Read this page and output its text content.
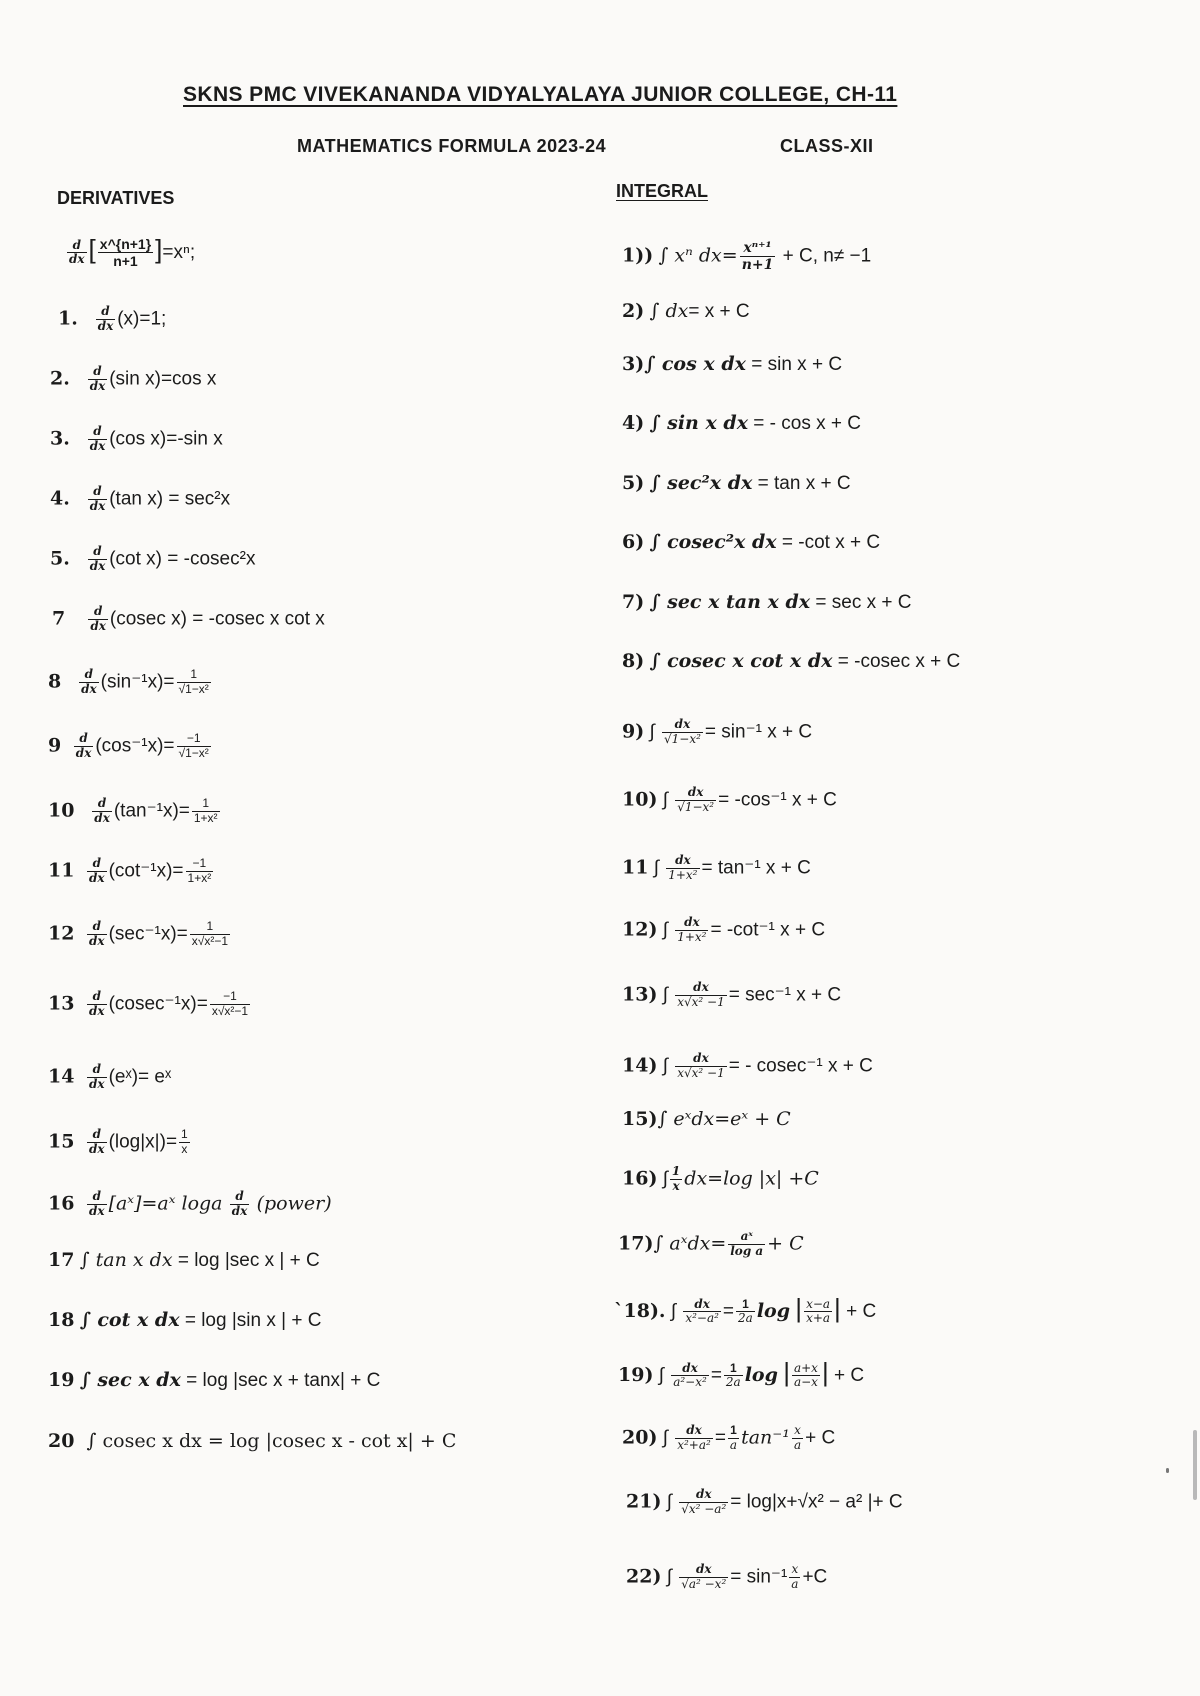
SKNS PMC VIVEKANANDA VIDYALYALAYA JUNIOR COLLEGE, CH-11
MATHEMATICS FORMULA 2023-24	CLASS-XII
DERIVATIVES	INTEGRAL
$\frac{d}{dx}$ [ $\frac{x\^{}\{n+1\}}{n+1} ]=x^n$;
1. $\frac{d}{dx} (x)=1$;
2. $\frac{d}{dx} (\sin$ x)=cos x
3. $\frac{d}{dx} (\cos$ x)=-sin x
4. $\frac{d}{dx} (\tan$ x) = sec²x
5. $\frac{d}{dx} (\cot$ x) = -cosec²x
$7 \frac{d}{dx} (cosec$ x) = -cosec x cot x
$8 \frac{d}{dx} (\sin^{-1}x)= \frac{1}{\text{√1−x²}}$
$9 \frac{d}{dx} (\cos^{-1}x)= \frac{-1}{\text{√1−x²}}$
$10 \frac{d}{dx} (\tan^{-1}x)= \frac{1}{\text{1+x²}}$
$11 \frac{d}{dx} (\cot^{-1}x)= \frac{-1}{\text{1+x²}}$
$12 \frac{d}{dx} (\sec^{-1}x)= \frac{1}{\text{x√x²−1}}$
$13 \frac{d}{dx} (cosec^{-1}x)= \frac{-1}{\text{x√x²−1}}$
$14 \frac{d}{dx}$ (eˣ)= eˣ
$15 \frac{d}{dx} (\log|x|)= \frac{1}{x}$
$16 \frac{d}{dx}$ [aˣ]=aˣ loga $\frac{d}{dx}$ (power)
17 ∫ tan x dx = log |sec x | + C
18 ∫ cot x dx = log |sin x | + C
19 ∫ sec x dx = log |sec x + tanx| + C
20 ∫ cosec x dx = log |cosec x - cot x| + C
1)) ∫ xⁿ $dx= \frac{\text{xⁿ⁺¹}}{n+1} + C$, n≠ −1
2) ∫ dx= x + C
3)∫ cos x dx = sin x + C
4) ∫ sin x dx = - cos x + C
5) ∫ sec²x dx = tan x + C
6) ∫ cosec²x dx = -cot x + C
7) ∫ sec x tan x dx = sec x + C
8) ∫ cosec x cot x dx = -cosec x + C
9) ∫ $\frac{dx}{\text{√1−x²}} = \sin^{-1}$ x + C
10) ∫ $\frac{dx}{\text{√1−x²}} = -\cos^{-1}$ x + C
11 ∫ $\frac{dx}{\text{1+x²}} = \tan^{-1}$ x + C
12) ∫ $\frac{dx}{\text{1+x²}} = -\cot^{-1}$ x + C
13) ∫ $\frac{dx}{\text{x√x² −1}} = \sec^{-1}$ x + C
14) ∫ $\frac{dx}{\text{x√x² −1}}$ = - cosec⁻¹ x + C
15)∫ eˣdx=eˣ + C
16) ∫ $\frac{1}{x} dx=\log$ |x| +C
17)∫ aˣdx= $\frac{\text{aˣ}}{\text{log a}} + C$
`18). ∫ $\frac{dx}{\text{x²−a²}} = \frac{1}{2a}$ log | $\frac{x-a}{x+a}$ | + C
19) ∫ $\frac{dx}{\text{a²−x²}} = \frac{1}{2a}$ log | $\frac{a+x}{a-x}$ | + C
20) ∫ $\frac{dx}{\text{x²+a²}} = \frac{1}{a} \tan^{-1} \frac{x}{a} + C$
21) ∫ $\frac{dx}{\text{√x² −a²}} = \log|x+√x^2 - a^2$ |+ C
22) ∫ $\frac{dx}{\text{√a² −x²}} = \sin^{-1} \frac{x}{a} +C$
